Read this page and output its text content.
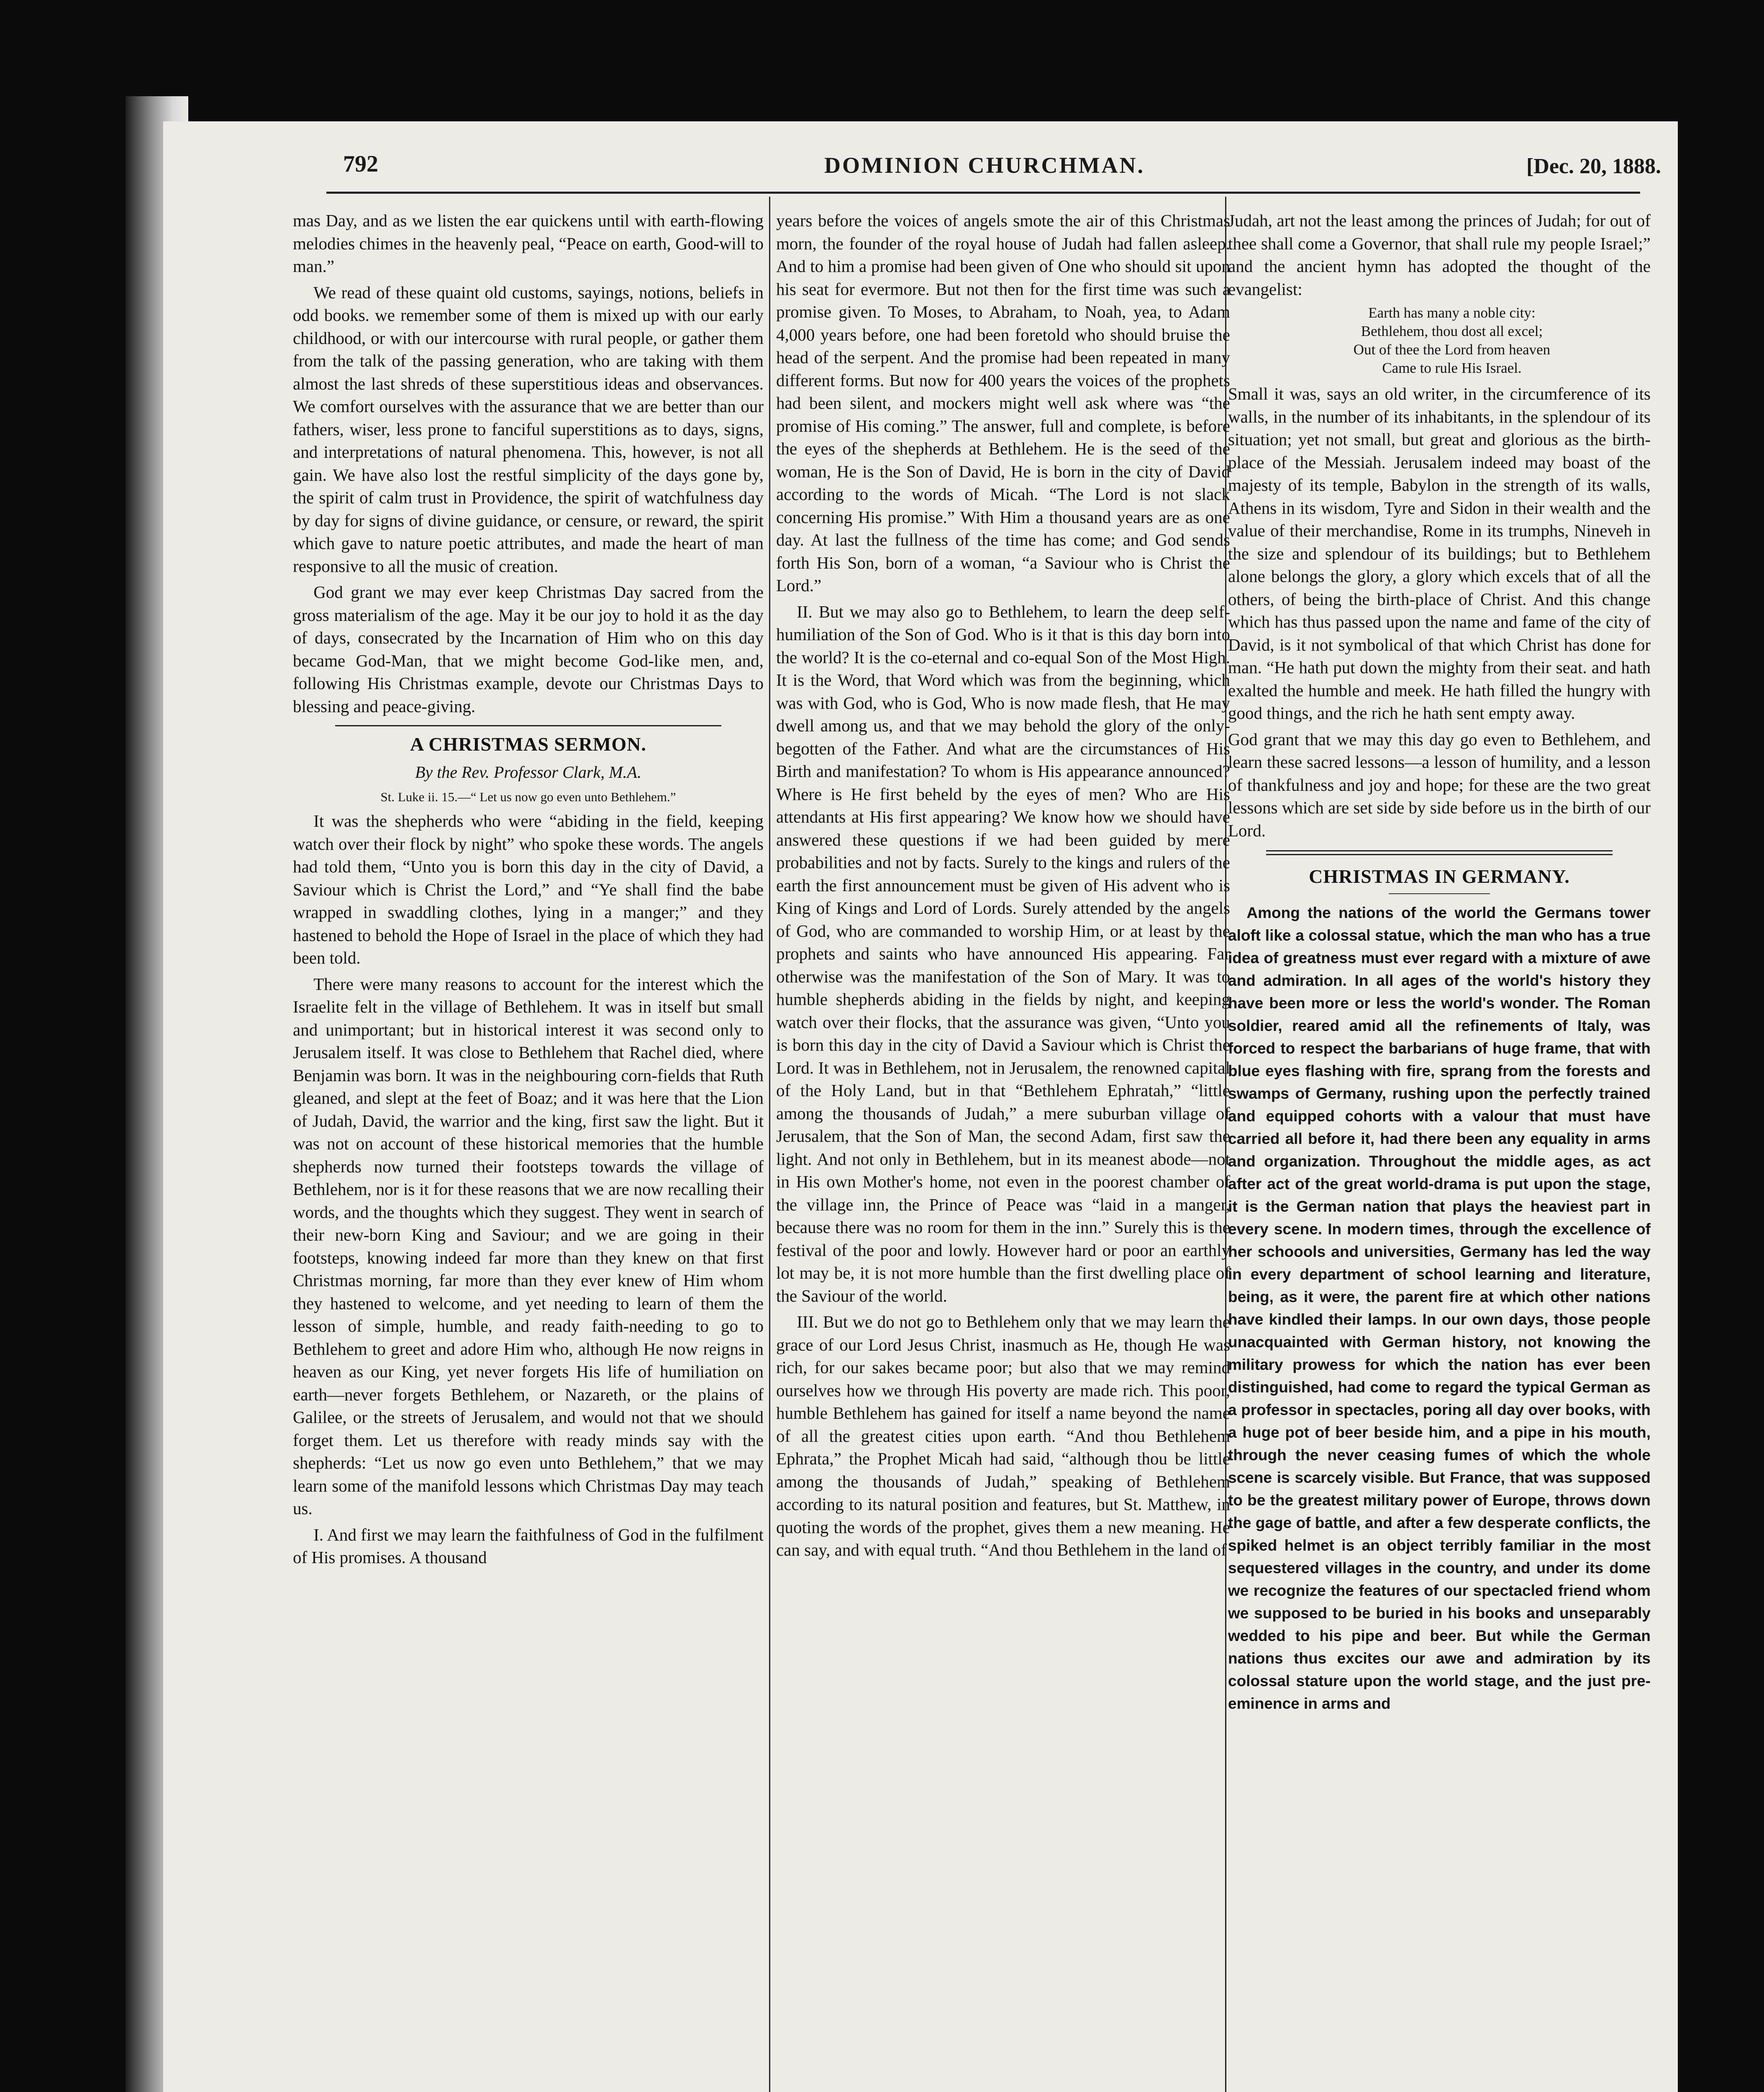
792	DOMINION CHURCHMAN.	[Dec. 20, 1888.

mas Day, and as we listen the ear quickens until with earth-flowing melodies chimes in the heavenly peal, “Peace on earth, Good-will to man.”

We read of these quaint old customs, sayings, notions, beliefs in odd books. we remember some of them is mixed up with our early childhood, or with our intercourse with rural people, or gather them from the talk of the passing generation, who are taking with them almost the last shreds of these superstitious ideas and observances. We comfort ourselves with the assurance that we are better than our fathers, wiser, less prone to fanciful superstitions as to days, signs, and interpretations of natural phenomena. This, however, is not all gain. We have also lost the restful simplicity of the days gone by, the spirit of calm trust in Providence, the spirit of watchfulness day by day for signs of divine guidance, or censure, or reward, the spirit which gave to nature poetic attributes, and made the heart of man responsive to all the music of creation.

God grant we may ever keep Christmas Day sacred from the gross materialism of the age. May it be our joy to hold it as the day of days, consecrated by the Incarnation of Him who on this day became God-Man, that we might become God-like men, and, following His Christmas example, devote our Christmas Days to blessing and peace-giving.

A CHRISTMAS SERMON.
By the Rev. Professor Clark, M.A.
St. Luke ii. 15.—“ Let us now go even unto Bethlehem.”

It was the shepherds who were “abiding in the field, keeping watch over their flock by night” who spoke these words. The angels had told them, “Unto you is born this day in the city of David, a Saviour which is Christ the Lord,” and “Ye shall find the babe wrapped in swaddling clothes, lying in a manger;” and they hastened to behold the Hope of Israel in the place of which they had been told.

There were many reasons to account for the interest which the Israelite felt in the village of Bethlehem. It was in itself but small and unimportant; but in historical interest it was second only to Jerusalem itself. It was close to Bethlehem that Rachel died, where Benjamin was born. It was in the neighbouring corn-fields that Ruth gleaned, and slept at the feet of Boaz; and it was here that the Lion of Judah, David, the warrior and the king, first saw the light. But it was not on account of these historical memories that the humble shepherds now turned their footsteps towards the village of Bethlehem, nor is it for these reasons that we are now recalling their words, and the thoughts which they suggest. They went in search of their new-born King and Saviour; and we are going in their footsteps, knowing indeed far more than they knew on that first Christmas morning, far more than they ever knew of Him whom they hastened to welcome, and yet needing to learn of them the lesson of simple, humble, and ready faith-needing to go to Bethlehem to greet and adore Him who, although He now reigns in heaven as our King, yet never forgets His life of humiliation on earth—never forgets Bethlehem, or Nazareth, or the plains of Galilee, or the streets of Jerusalem, and would not that we should forget them. Let us therefore with ready minds say with the shepherds: “Let us now go even unto Bethlehem,” that we may learn some of the manifold lessons which Christmas Day may teach us.

I. And first we may learn the faithfulness of God in the fulfilment of His promises. A thousand

years before the voices of angels smote the air of this Christmas morn, the founder of the royal house of Judah had fallen asleep. And to him a promise had been given of One who should sit upon his seat for evermore. But not then for the first time was such a promise given. To Moses, to Abraham, to Noah, yea, to Adam 4,000 years before, one had been foretold who should bruise the head of the serpent. And the promise had been repeated in many different forms. But now for 400 years the voices of the prophets had been silent, and mockers might well ask where was “the promise of His coming.” The answer, full and complete, is before the eyes of the shepherds at Bethlehem. He is the seed of the woman, He is the Son of David, He is born in the city of David according to the words of Micah. “The Lord is not slack concerning His promise.” With Him a thousand years are as one day. At last the fullness of the time has come; and God sends forth His Son, born of a woman, “a Saviour who is Christ the Lord.”

II. But we may also go to Bethlehem, to learn the deep self-humiliation of the Son of God. Who is it that is this day born into the world? It is the co-eternal and co-equal Son of the Most High. It is the Word, that Word which was from the beginning, which was with God, who is God, Who is now made flesh, that He may dwell among us, and that we may behold the glory of the only-begotten of the Father. And what are the circumstances of His Birth and manifestation? To whom is His appearance announced? Where is He first beheld by the eyes of men? Who are His attendants at His first appearing? We know how we should have answered these questions if we had been guided by mere probabilities and not by facts. Surely to the kings and rulers of the earth the first announcement must be given of His advent who is King of Kings and Lord of Lords. Surely attended by the angels of God, who are commanded to worship Him, or at least by the prophets and saints who have announced His appearing. Far otherwise was the manifestation of the Son of Mary. It was to humble shepherds abiding in the fields by night, and keeping watch over their flocks, that the assurance was given, “Unto you is born this day in the city of David a Saviour which is Christ the Lord. It was in Bethlehem, not in Jerusalem, the renowned capital of the Holy Land, but in that “Bethlehem Ephratah,” “little among the thousands of Judah,” a mere suburban village of Jerusalem, that the Son of Man, the second Adam, first saw the light. And not only in Bethlehem, but in its meanest abode—not in His own Mother's home, not even in the poorest chamber of the village inn, the Prince of Peace was “laid in a manger, because there was no room for them in the inn.” Surely this is the festival of the poor and lowly. However hard or poor an earthly lot may be, it is not more humble than the first dwelling place of the Saviour of the world.

III. But we do not go to Bethlehem only that we may learn the grace of our Lord Jesus Christ, inasmuch as He, though He was rich, for our sakes became poor; but also that we may remind ourselves how we through His poverty are made rich. This poor, humble Bethlehem has gained for itself a name beyond the name of all the greatest cities upon earth. “And thou Bethlehem Ephrata,” the Prophet Micah had said, “although thou be little among the thousands of Judah,” speaking of Bethlehem according to its natural position and features, but St. Matthew, in quoting the words of the prophet, gives them a new meaning. He can say, and with equal truth. “And thou Bethlehem in the land of

Judah, art not the least among the princes of Judah; for out of thee shall come a Governor, that shall rule my people Israel;” and the ancient hymn has adopted the thought of the evangelist:

Earth has many a noble city:
Bethlehem, thou dost all excel;
Out of thee the Lord from heaven
Came to rule His Israel.

Small it was, says an old writer, in the circumference of its walls, in the number of its inhabitants, in the splendour of its situation; yet not small, but great and glorious as the birth-place of the Messiah. Jerusalem indeed may boast of the majesty of its temple, Babylon in the strength of its walls, Athens in its wisdom, Tyre and Sidon in their wealth and the value of their merchandise, Rome in its trumphs, Nineveh in the size and splendour of its buildings; but to Bethlehem alone belongs the glory, a glory which excels that of all the others, of being the birth-place of Christ. And this change which has thus passed upon the name and fame of the city of David, is it not symbolical of that which Christ has done for man. “He hath put down the mighty from their seat. and hath exalted the humble and meek. He hath filled the hungry with good things, and the rich he hath sent empty away.

God grant that we may this day go even to Bethlehem, and learn these sacred lessons—a lesson of humility, and a lesson of thankfulness and joy and hope; for these are the two great lessons which are set side by side before us in the birth of our Lord.

CHRISTMAS IN GERMANY.

Among the nations of the world the Germans tower aloft like a colossal statue, which the man who has a true idea of greatness must ever regard with a mixture of awe and admiration. In all ages of the world's history they have been more or less the world's wonder. The Roman soldier, reared amid all the refinements of Italy, was forced to respect the barbarians of huge frame, that with blue eyes flashing with fire, sprang from the forests and swamps of Germany, rushing upon the perfectly trained and equipped cohorts with a valour that must have carried all before it, had there been any equality in arms and organization. Throughout the middle ages, as act after act of the great world-drama is put upon the stage, it is the German nation that plays the heaviest part in every scene. In modern times, through the excellence of her schoools and universities, Germany has led the way in every department of school learning and literature, being, as it were, the parent fire at which other nations have kindled their lamps. In our own days, those people unacquainted with German history, not knowing the military prowess for which the nation has ever been distinguished, had come to regard the typical German as a professor in spectacles, poring all day over books, with a huge pot of beer beside him, and a pipe in his mouth, through the never ceasing fumes of which the whole scene is scarcely visible. But France, that was supposed to be the greatest military power of Europe, throws down the gage of battle, and after a few desperate conflicts, the spiked helmet is an object terribly familiar in the most sequestered villages in the country, and under its dome we recognize the features of our spectacled friend whom we supposed to be buried in his books and unseparably wedded to his pipe and beer. But while the German nations thus excites our awe and admiration by its colossal stature upon the world stage, and the just pre-eminence in arms and
